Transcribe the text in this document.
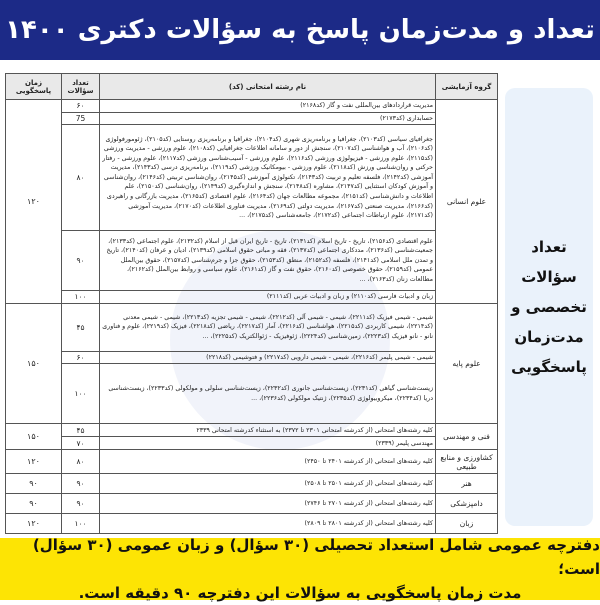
تعداد و مدت‌زمان پاسخ به سؤالات دکتری ۱۴۰۰
تعداد
سؤالات
تخصصی و
مدت‌زمان
پاسخگویی
گروه آزمایشی	نام رشته امتحانی (کد)	تعداد سؤالات	زمان پاسخگویی
علوم انسانی	مدیریت قراردادهای بین‌المللی نفت و گاز (کد۲۱۶۸)	۶۰	۱۲۰
	حسابداری (کد۲۱۷۳)	75	
	جغرافیای سیاسی (کد۲۱۰۳)، جغرافیا و برنامه‌ریزی شهری (کد۲۱۰۴)، جغرافیا و برنامه‌ریزی روستایی (کد۲۱۰۵)، ژئومورفولوژی (کد۲۱۰۶)، آب و هواشناسی (کد۲۱۰۷)، سنجش از دور و سامانه اطلاعات جغرافیایی (کد۲۱۰۸)، علوم ورزشی - مدیریت ورزشی (کد۲۱۱۵)، علوم ورزشی - فیزیولوژی ورزشی (کد۲۱۱۶)، علوم ورزشی - آسیب‌شناسی ورزشی (کد۲۱۱۷)، علوم ورزشی - رفتار حرکتی و روان‌شناسی ورزش (کد۲۱۱۸)، علوم ورزشی - بیومکانیک ورزشی (کد۲۱۱۹)، برنامه‌ریزی درسی (کد۲۱۴۳)، مدیریت آموزشی (کد۲۱۴۲)، فلسفه تعلیم و تربیت (کد۲۱۴۳)، تکنولوژی آموزشی (کد۲۱۴۵)، روان‌شناسی تربیتی (کد۲۱۴۶)، روان‌شناسی و آموزش کودکان استثنایی (کد۲۱۴۷)، مشاوره (کد۲۱۴۸)، سنجش و اندازه‌گیری (کد۲۱۴۹)، روان‌شناسی (کد۲۱۵۰)، علم اطلاعات و دانش‌شناسی (کد۲۱۵۱)، مجموعه مطالعات جهان (کد۲۱۶۴)، علوم اقتصادی (کد۲۱۶۵)، مدیریت بازرگانی و راهبردی (کد۲۱۶۶)، مدیریت صنعتی (کد۲۱۶۷)، مدیریت دولتی (کد۲۱۶۹)، مدیریت فناوری اطلاعات (کد۲۱۷۰)، مدیریت آموزشی (کد۲۱۷۱)، علوم ارتباطات اجتماعی (کد۲۱۷۲)، جامعه‌شناسی (کد۲۱۷۵)، ...	۸۰	
	علوم اقتصادی (کد۲۱۵۶)، تاریخ - تاریخ اسلام (کد۲۱۳۱)، تاریخ - تاریخ ایران قبل از اسلام (کد۲۱۳۲)، علوم اجتماعی (کد۲۱۳۳)، جمعیت‌شناسی (کد۲۱۳۶)، مددکاری اجتماعی (کد۲۱۳۷)، فقه و مبانی حقوق اسلامی (کد۲۱۳۹)، ادیان و عرفان (کد۲۱۴۰)، تاریخ و تمدن ملل اسلامی (کد۲۱۴۱)، فلسفه (کد۲۱۵۲)، منطق (کد۲۱۵۳)، حقوق جزا و جرم‌شناسی (کد۲۱۵۷)، حقوق بین‌الملل عمومی (کد۲۱۵۹)، حقوق خصوصی (کد۲۱۶۰)، حقوق نفت و گاز (کد۲۱۶۱)، علوم سیاسی و روابط بین‌الملل (کد۲۱۶۲)، مطالعات زنان (کد۲۱۶۳)، ...	۹۰	
	زبان و ادبیات فارسی (کد۲۱۱۰) و زبان و ادبیات عربی (کد۲۱۱۱)	۱۰۰	
علوم پایه	شیمی - شیمی فیزیک (کد۲۲۱۱)، شیمی - شیمی آلی (کد۲۲۱۲)، شیمی - شیمی تجزیه (کد۲۲۱۳)، شیمی - شیمی معدنی (کد۲۲۱۴)، شیمی کاربردی (کد۲۲۱۵)، هواشناسی (کد۲۲۱۶)، آمار (کد۲۲۱۷)، ریاضی (کد۲۲۱۸)، فیزیک (کد۲۲۱۹)، علوم و فناوری نانو - نانو فیزیک (کد۲۲۲۳)، زمین‌شناسی (کد۲۲۲۴)، ژئوفیزیک - ژئوالکتریک (کد۲۲۲۵)، ...	۴۵	۱۵۰
	شیمی - شیمی پلیمر (کد۲۲۱۶)، شیمی - شیمی دارویی (کد۲۲۱۷) و فتوشیمی (کد۲۲۱۸)	۶۰	
	زیست‌شناسی گیاهی (کد۲۲۳۱)، زیست‌شناسی جانوری (کد۲۲۳۲)، زیست‌شناسی سلولی و مولکولی (کد۲۲۳۳)، زیست‌شناسی دریا (کد۲۲۳۴)، میکروبیولوژی (کد۲۲۳۵)، ژنتیک مولکولی (کد۲۲۳۶)، ...	۱۰۰	
فنی و مهندسی	کلیه رشته‌های امتحانی (از کدرشته امتحانی ۲۳۰۱ تا ۲۳۷۲) به استثناء کدرشته امتحانی ۲۳۳۹	۴۵	۱۵۰
	مهندسی پلیمر (۲۳۳۹)	۷۰	
کشاورزی و منابع طبیعی	کلیه رشته‌های امتحانی (از کدرشته ۲۴۰۱ تا ۲۴۵۰)	۸۰	۱۲۰
هنر	کلیه رشته‌های امتحانی (از کدرشته ۲۵۰۱ تا ۲۵۰۸)	۹۰	۹۰
دامپزشکی	کلیه رشته‌های امتحانی (از کدرشته ۲۷۰۱ تا ۲۷۴۶)	۹۰	۹۰
زبان	کلیه رشته‌های امتحانی (از کدرشته ۲۸۰۱ تا ۲۸۰۹)	۱۰۰	۱۲۰
دفترچه عمومی شامل استعداد تحصیلی (۳۰ سؤال) و زبان عمومی (۳۰ سؤال) است؛
مدت زمان پاسخگویی به سؤالات این دفترچه ۹۰ دقیقه است.
